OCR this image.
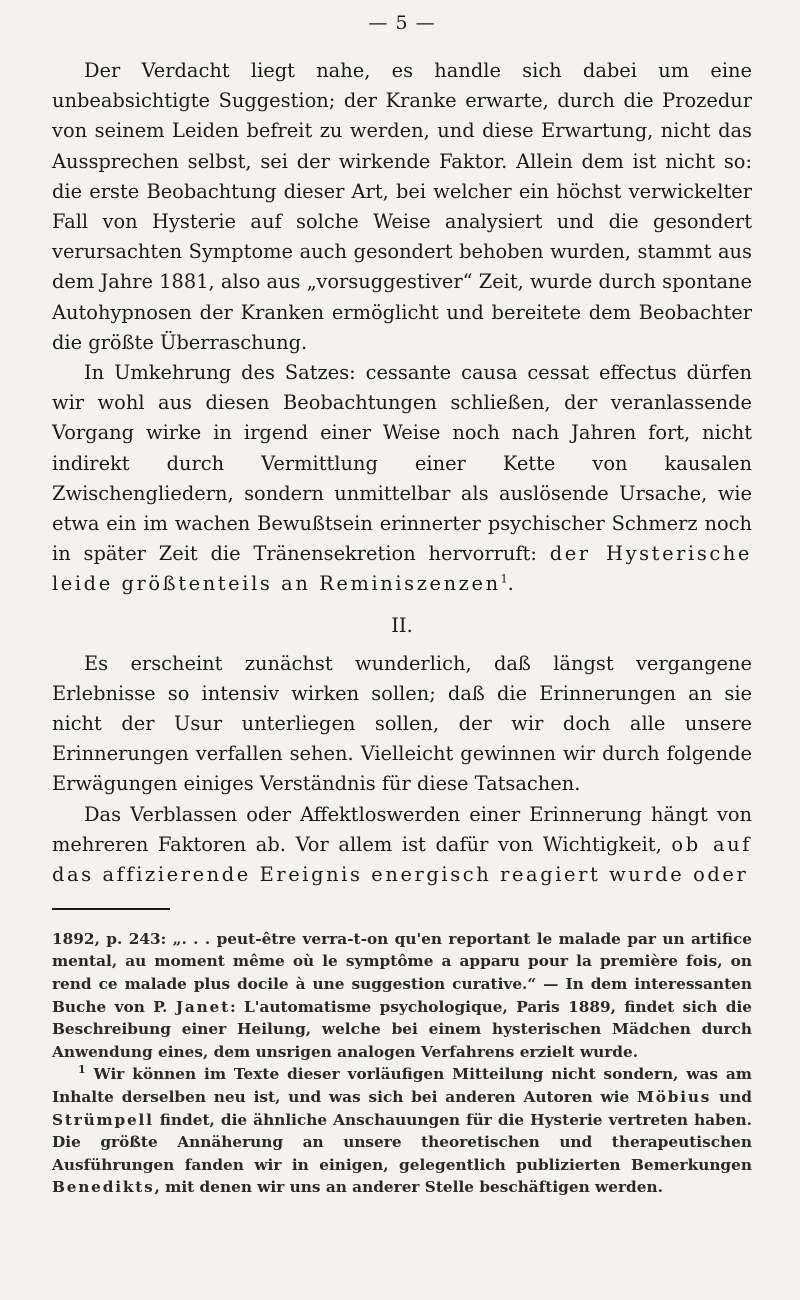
— 5 —

Der Verdacht liegt nahe, es handle sich dabei um eine unbeabsichtigte Suggestion; der Kranke erwarte, durch die Prozedur von seinem Leiden befreit zu werden, und diese Erwartung, nicht das Aussprechen selbst, sei der wirkende Faktor. Allein dem ist nicht so: die erste Beobachtung dieser Art, bei welcher ein höchst verwickelter Fall von Hysterie auf solche Weise analysiert und die gesondert verursachten Symptome auch gesondert behoben wurden, stammt aus dem Jahre 1881, also aus „vorsuggestiver“ Zeit, wurde durch spontane Autohypnosen der Kranken ermöglicht und bereitete dem Beobachter die größte Überraschung.

In Umkehrung des Satzes: cessante causa cessat effectus dürfen wir wohl aus diesen Beobachtungen schließen, der veranlassende Vorgang wirke in irgend einer Weise noch nach Jahren fort, nicht indirekt durch Vermittlung einer Kette von kausalen Zwischengliedern, sondern unmittelbar als auslösende Ursache, wie etwa ein im wachen Bewußtsein erinnerter psychischer Schmerz noch in später Zeit die Tränensekretion hervorruft: der Hysterische leide größtenteils an Reminiszenzen$^1$.

II.

Es erscheint zunächst wunderlich, daß längst vergangene Erlebnisse so intensiv wirken sollen; daß die Erinnerungen an sie nicht der Usur unterliegen sollen, der wir doch alle unsere Erinnerungen verfallen sehen. Vielleicht gewinnen wir durch folgende Erwägungen einiges Verständnis für diese Tatsachen.

Das Verblassen oder Affektloswerden einer Erinnerung hängt von mehreren Faktoren ab. Vor allem ist dafür von Wichtigkeit, ob auf das affizierende Ereignis energisch reagiert wurde oder

1892, p. 243: „. . . peut-être verra-t-on qu'en reportant le malade par un artifice mental, au moment même où le symptôme a apparu pour la première fois, on rend ce malade plus docile à une suggestion curative.“ — In dem interessanten Buche von P. Janet: L'automatisme psychologique, Paris 1889, findet sich die Beschreibung einer Heilung, welche bei einem hysterischen Mädchen durch Anwendung eines, dem unsrigen analogen Verfahrens erzielt wurde.

$^1$ Wir können im Texte dieser vorläufigen Mitteilung nicht sondern, was am Inhalte derselben neu ist, und was sich bei anderen Autoren wie Möbius und Strümpell findet, die ähnliche Anschauungen für die Hysterie vertreten haben. Die größte Annäherung an unsere theoretischen und therapeutischen Ausführungen fanden wir in einigen, gelegentlich publizierten Bemerkungen Benedikts, mit denen wir uns an anderer Stelle beschäftigen werden.
